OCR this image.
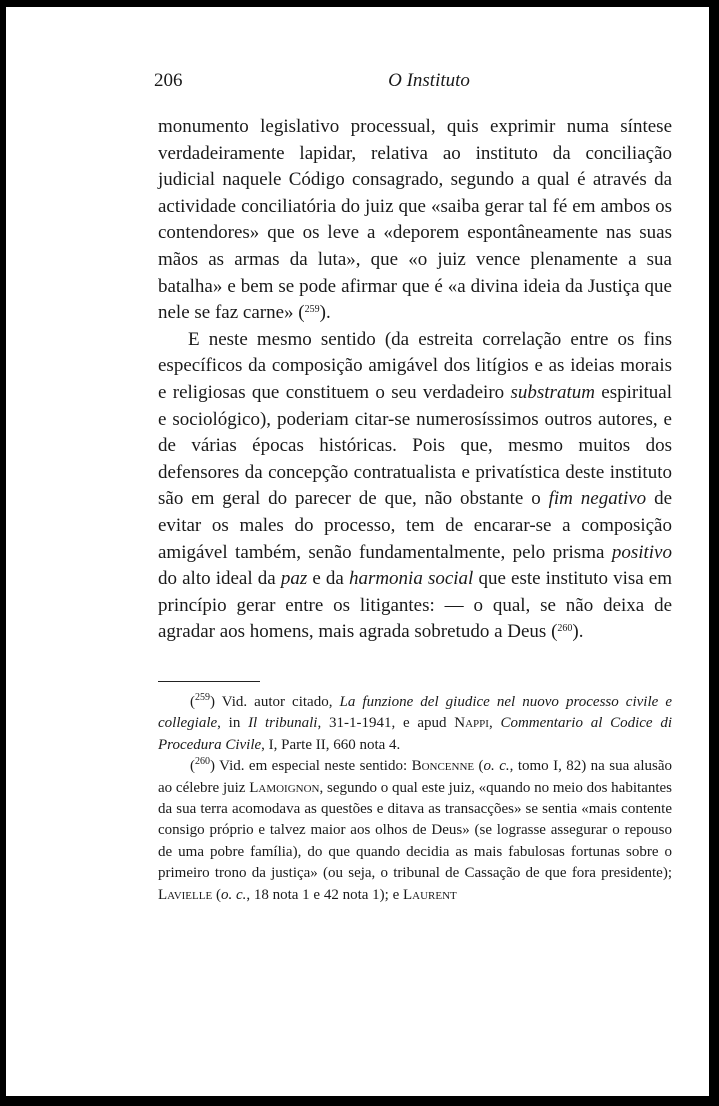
206	O Instituto

monumento legislativo processual, quis exprimir numa síntese verdadeiramente lapidar, relativa ao instituto da conciliação judicial naquele Código consagrado, segundo a qual é através da actividade conciliatória do juiz que «saiba gerar tal fé em ambos os contendores» que os leve a «deporem espontâneamente nas suas mãos as armas da luta», que «o juiz vence plenamente a sua batalha» e bem se pode afirmar que é «a divina ideia da Justiça que nele se faz carne» ($^{259}$).

E neste mesmo sentido (da estreita correlação entre os fins específicos da composição amigável dos litígios e as ideias morais e religiosas que constituem o seu verdadeiro substratum espiritual e sociológico), poderiam citar-se numerosíssimos outros autores, e de várias épocas históricas. Pois que, mesmo muitos dos defensores da concepção contratualista e privatística deste instituto são em geral do parecer de que, não obstante o fim negativo de evitar os males do processo, tem de encarar-se a composição amigável também, senão fundamentalmente, pelo prisma positivo do alto ideal da paz e da harmonia social que este instituto visa em princípio gerar entre os litigantes: — o qual, se não deixa de agradar aos homens, mais agrada sobretudo a Deus ($^{260}$).

($^{259}$) Vid. autor citado, La funzione del giudice nel nuovo processo civile e collegiale, in Il tribunali, 31-1-1941, e apud Nappi, Commentario al Codice di Procedura Civile, I, Parte II, 660 nota 4.

($^{260}$) Vid. em especial neste sentido: Boncenne (o. c., tomo I, 82) na sua alusão ao célebre juiz Lamoignon, segundo o qual este juiz, «quando no meio dos habitantes da sua terra acomodava as questões e ditava as transacções» se sentia «mais contente consigo próprio e talvez maior aos olhos de Deus» (se lograsse assegurar o repouso de uma pobre família), do que quando decidia as mais fabulosas fortunas sobre o primeiro trono da justiça» (ou seja, o tribunal de Cassação de que fora presidente); Lavielle (o. c., 18 nota 1 e 42 nota 1); e Laurent
